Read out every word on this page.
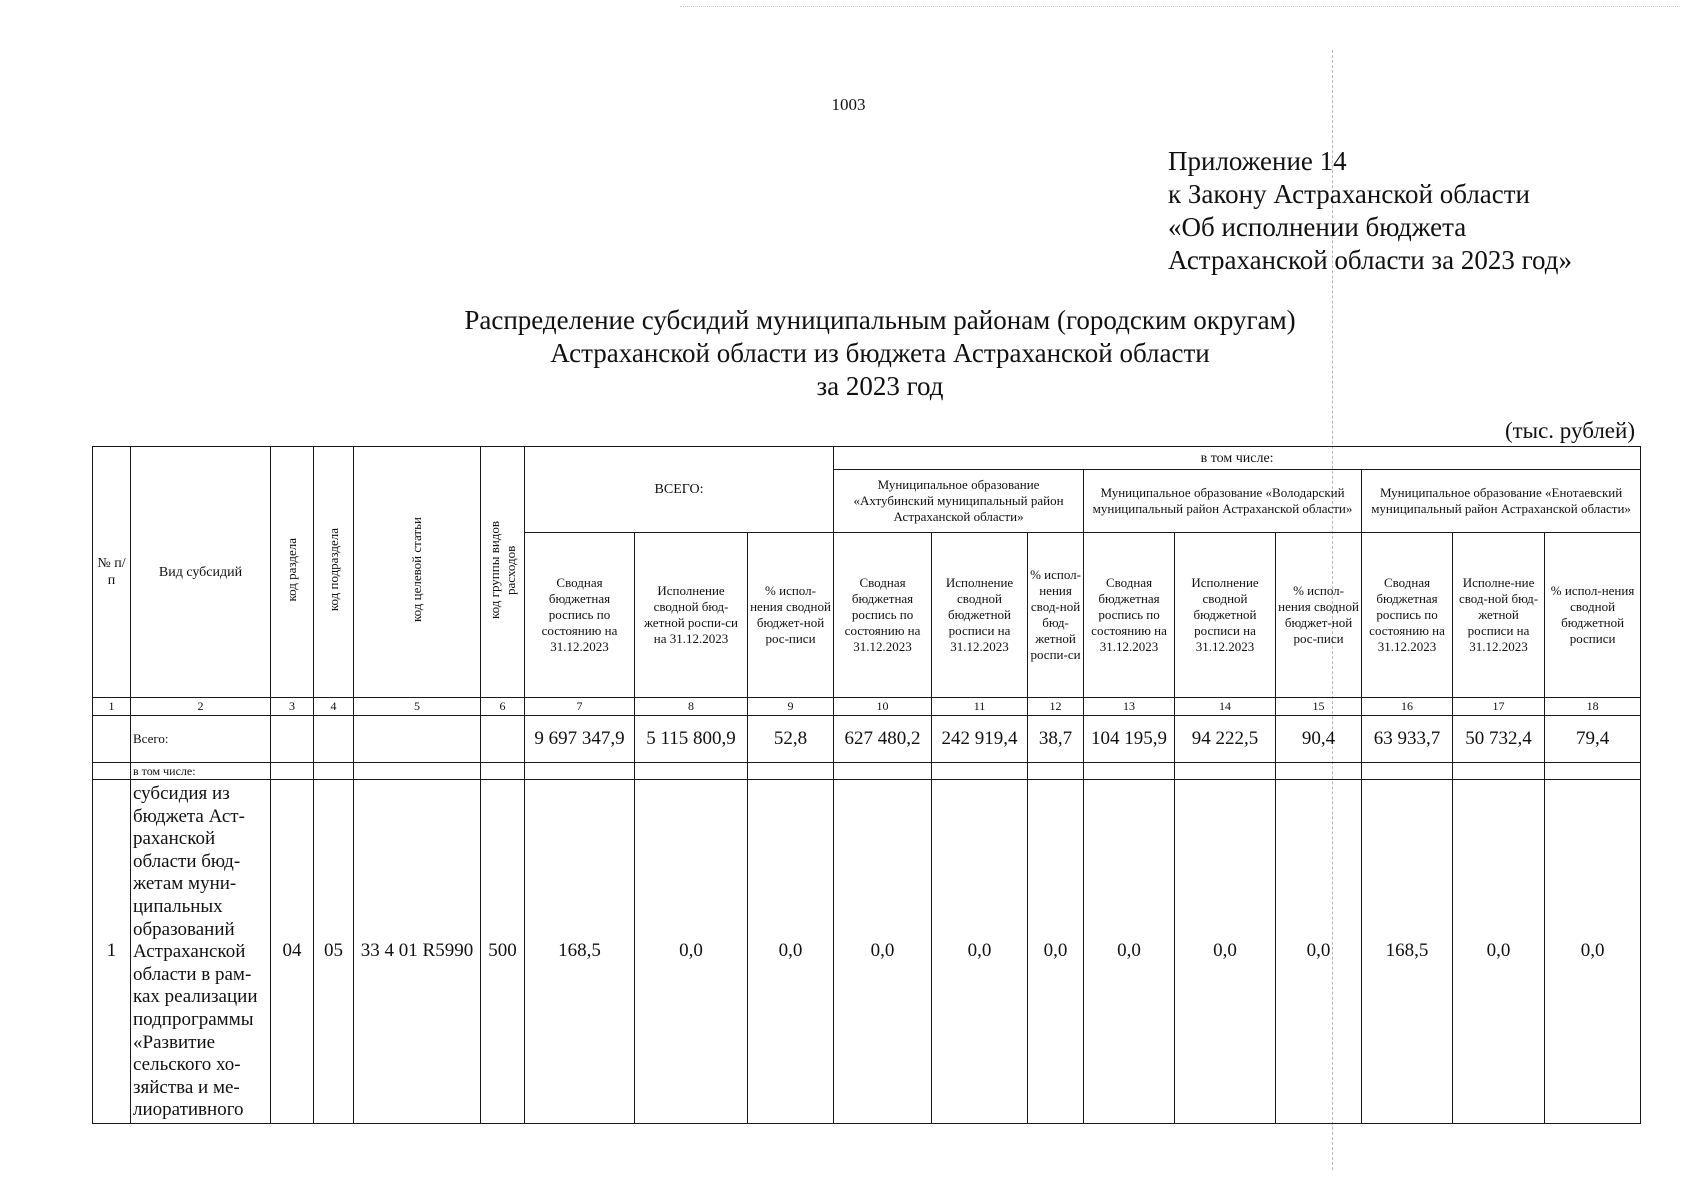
1003
Приложение 14
к Закону Астраханской области
«Об исполнении бюджета
Астраханской области за 2023 год»
Распределение субсидий муниципальным районам (городским округам)
Астраханской области из бюджета Астраханской области
за 2023 год
(тыс. рублей)
№ п/п	Вид субсидий	код раздела	код подраздела	код целевой статьи	код группы видов расходов	ВСЕГО:			в том числе:								
									Муниципальное образование «Ахтубинский муниципальный район Астраханской области»			Муниципальное образование «Володарский муниципальный район Астраханской области»			Муниципальное образование «Енотаевский муниципальный район Астраханской области»		
						Сводная бюджетная роспись по состоянию на 31.12.2023	Исполнение сводной бюд-жетной роспи-си на 31.12.2023	% испол-нения сводной бюджет-ной рос-писи	Сводная бюджетная роспись по состоянию на 31.12.2023	Исполнение сводной бюджетной росписи на 31.12.2023	% испол-нения свод-ной бюд-жетной роспи-си	Сводная бюджетная роспись по состоянию на 31.12.2023	Исполнение сводной бюджетной росписи на 31.12.2023	% испол-нения сводной бюджет-ной рос-писи	Сводная бюджетная роспись по состоянию на 31.12.2023	Исполне-ние свод-ной бюд-жетной росписи на 31.12.2023	% испол-нения сводной бюджетной росписи
1	2	3	4	5	6	7	8	9	10	11	12	13	14	15	16	17	18
	Всего:					9 697 347,9	5 115 800,9	52,8	627 480,2	242 919,4	38,7	104 195,9	94 222,5	90,4	63 933,7	50 732,4	79,4
	в том числе:																
1	субсидия из бюджета Аст-раханской области бюд-жетам муни-ципальных образований Астраханской области в рам-ках реализации подпрограммы «Развитие сельского хо-зяйства и ме-лиоративного	04	05	33 4 01 R5990	500	168,5	0,0	0,0	0,0	0,0	0,0	0,0	0,0	0,0	168,5	0,0	0,0
